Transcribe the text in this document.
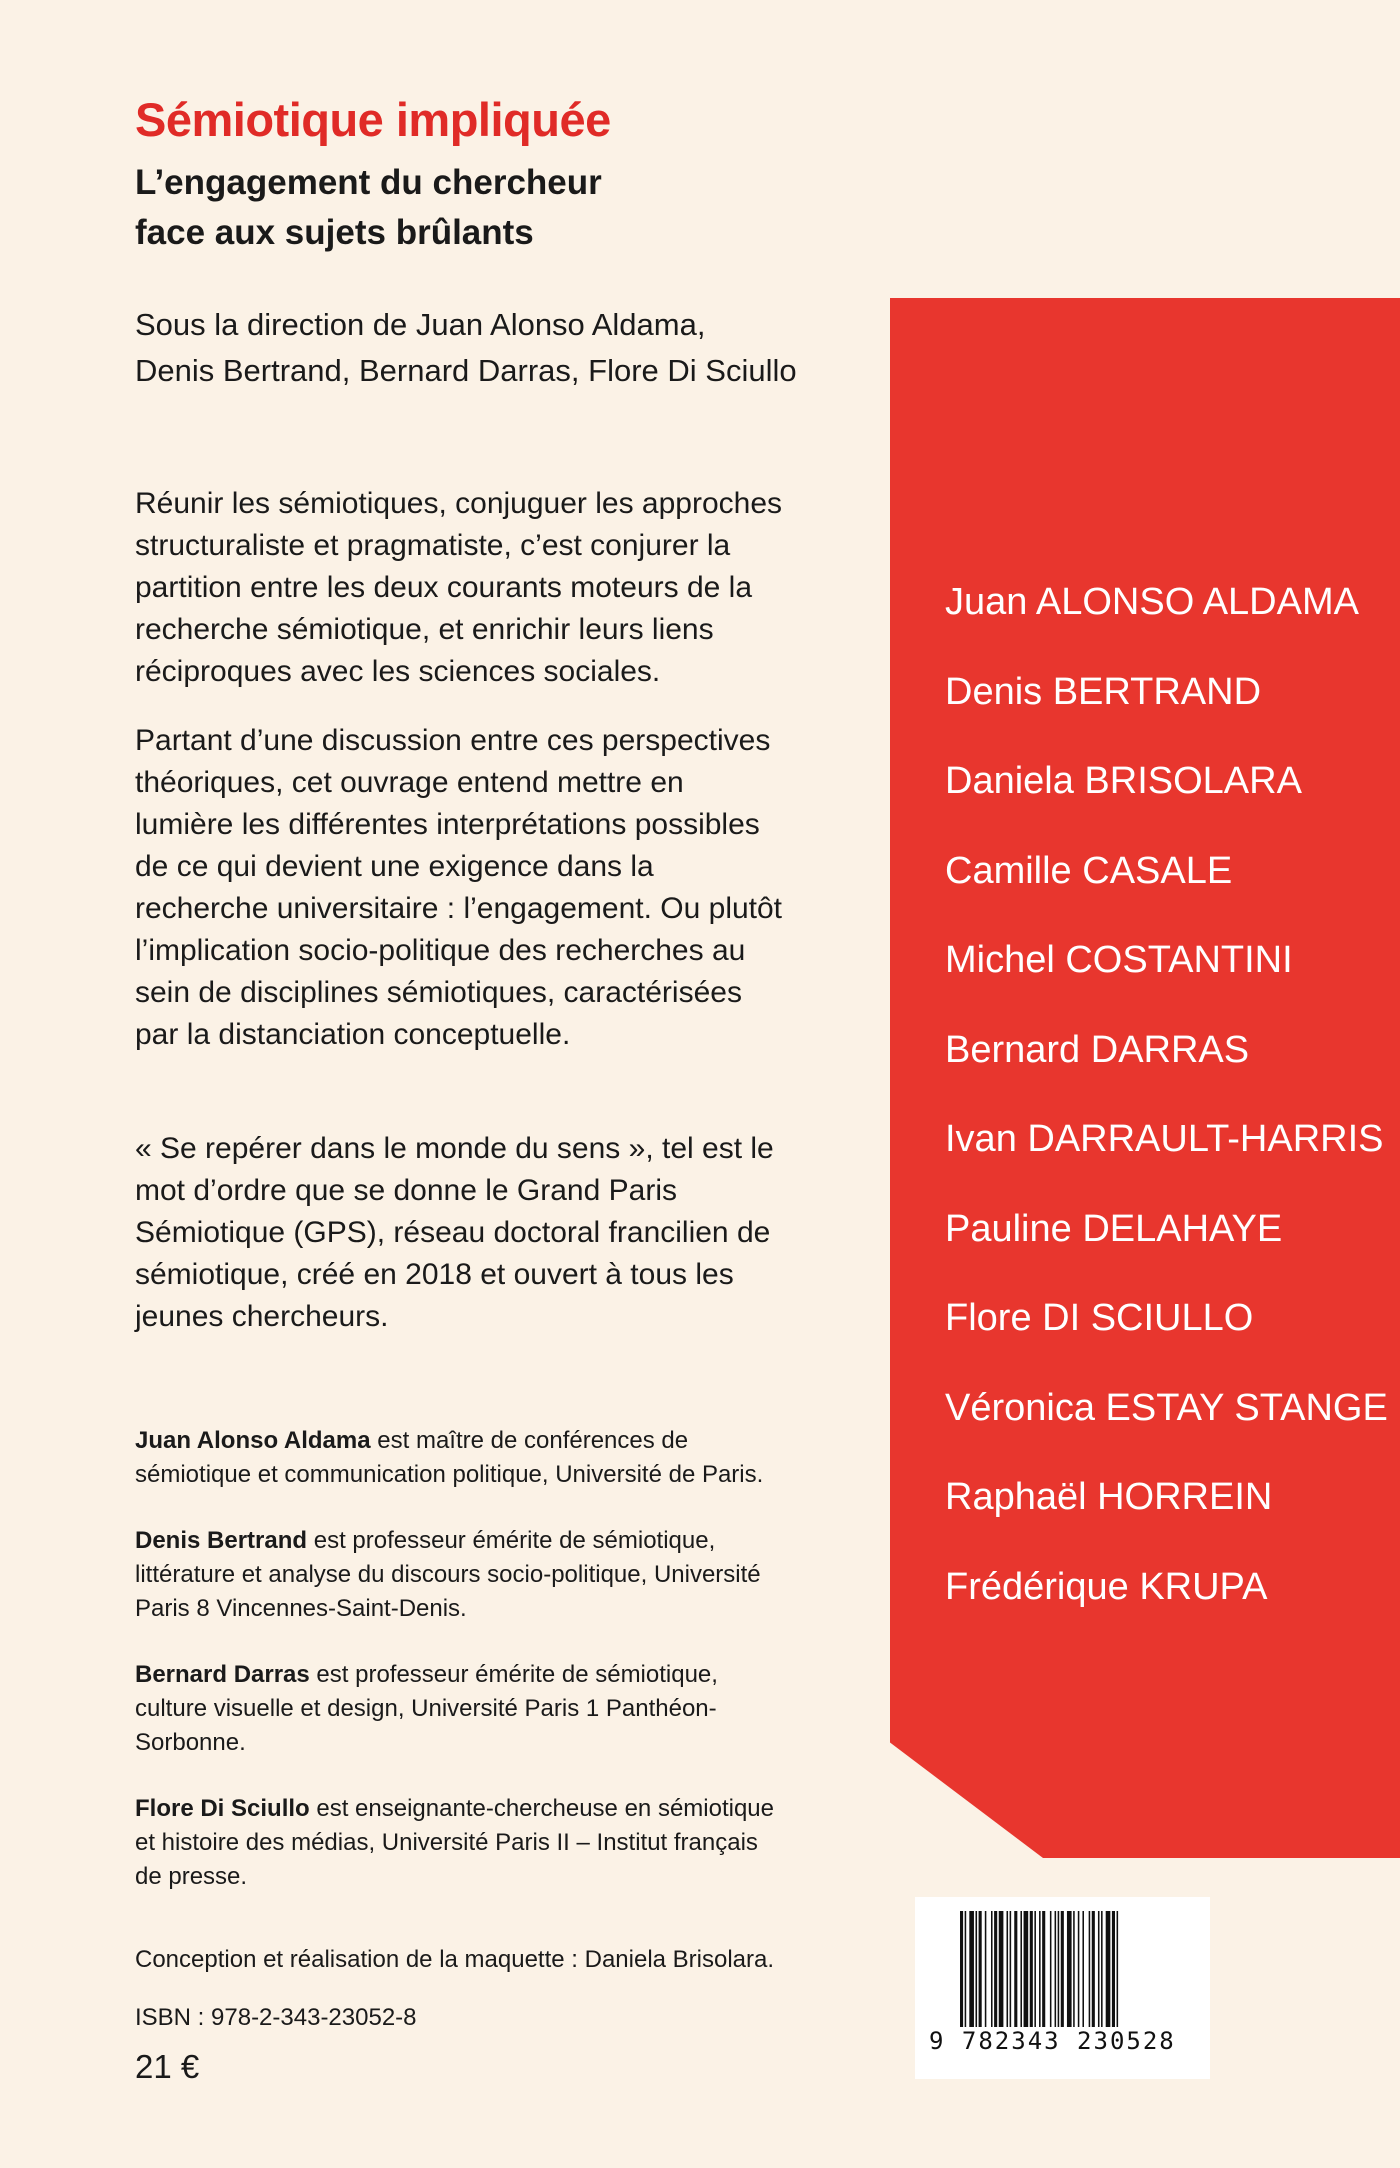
Sémiotique impliquée
L’engagement du chercheur
face aux sujets brûlants
Sous la direction de Juan Alonso Aldama,
Denis Bertrand, Bernard Darras, Flore Di Sciullo
Réunir les sémiotiques, conjuguer les approches structuraliste et pragmatiste, c’est conjurer la partition entre les deux courants moteurs de la recherche sémiotique, et enrichir leurs liens réciproques avec les sciences sociales.
Partant d’une discussion entre ces perspectives théoriques, cet ouvrage entend mettre en lumière les différentes interprétations possibles de ce qui devient une exigence dans la recherche universitaire : l’engagement. Ou plutôt l’implication socio-politique des recherches au sein de disciplines sémiotiques, caractérisées par la distanciation conceptuelle.
« Se repérer dans le monde du sens », tel est le mot d’ordre que se donne le Grand Paris Sémiotique (GPS), réseau doctoral francilien de sémiotique, créé en 2018 et ouvert à tous les jeunes chercheurs.
Juan Alonso Aldama est maître de conférences de sémiotique et communication politique, Université de Paris.
Denis Bertrand est professeur émérite de sémiotique, littérature et analyse du discours socio-politique, Université Paris 8 Vincennes-Saint-Denis.
Bernard Darras est professeur émérite de sémiotique, culture visuelle et design, Université Paris 1 Panthéon-Sorbonne.
Flore Di Sciullo est enseignante-chercheuse en sémiotique et histoire des médias, Université Paris II – Institut français de presse.
Conception et réalisation de la maquette : Daniela Brisolara.
ISBN : 978-2-343-23052-8
21 €
Juan ALONSO ALDAMA
Denis BERTRAND
Daniela BRISOLARA
Camille CASALE
Michel COSTANTINI
Bernard DARRAS
Ivan DARRAULT-HARRIS
Pauline DELAHAYE
Flore DI SCIULLO
Véronica ESTAY STANGE
Raphaël HORREIN
Frédérique KRUPA
9 782343 230528
